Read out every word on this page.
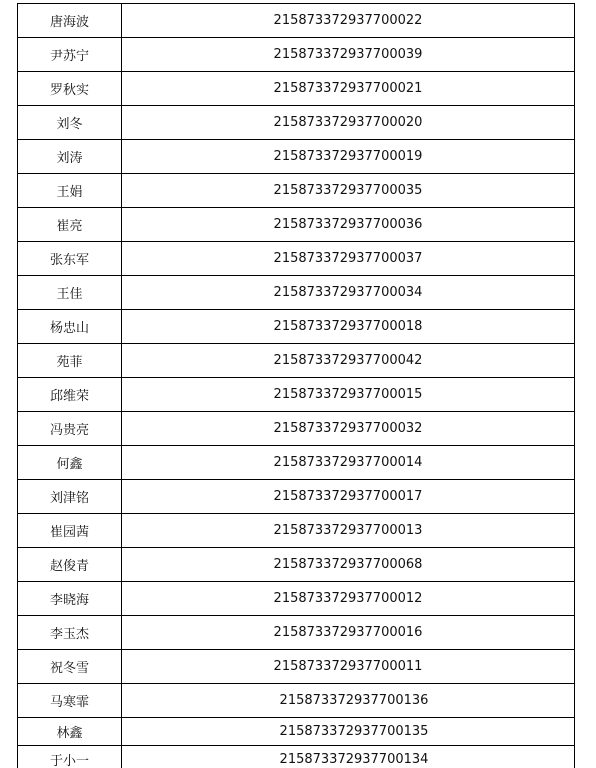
唐海波	215873372937700022
尹苏宁	215873372937700039
罗秋实	215873372937700021
刘冬	215873372937700020
刘涛	215873372937700019
王娟	215873372937700035
崔亮	215873372937700036
张东军	215873372937700037
王佳	215873372937700034
杨忠山	215873372937700018
苑菲	215873372937700042
邱维荣	215873372937700015
冯贵亮	215873372937700032
何鑫	215873372937700014
刘津铭	215873372937700017
崔园茜	215873372937700013
赵俊青	215873372937700068
李晓海	215873372937700012
李玉杰	215873372937700016
祝冬雪	215873372937700011
马寒霏	215873372937700136
林鑫	215873372937700135
于小一	215873372937700134
